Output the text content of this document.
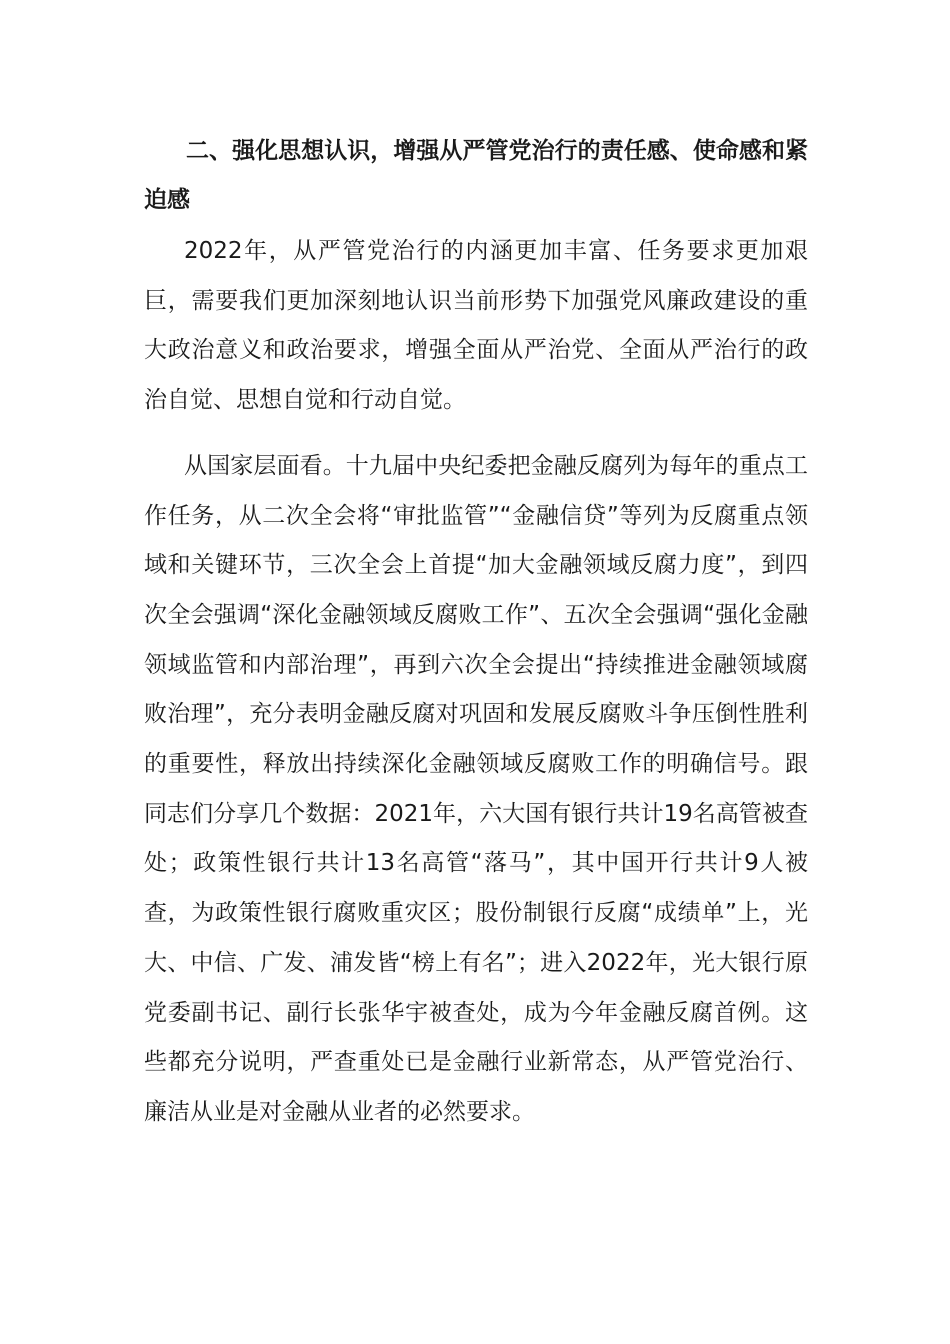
二、强化思想认识，增强从严管党治行的责任感、使命感和紧迫感

2022年，从严管党治行的内涵更加丰富、任务要求更加艰巨，需要我们更加深刻地认识当前形势下加强党风廉政建设的重大政治意义和政治要求，增强全面从严治党、全面从严治行的政治自觉、思想自觉和行动自觉。

从国家层面看。十九届中央纪委把金融反腐列为每年的重点工作任务，从二次全会将“审批监管”“金融信贷”等列为反腐重点领域和关键环节，三次全会上首提“加大金融领域反腐力度”，到四次全会强调“深化金融领域反腐败工作”、五次全会强调“强化金融领域监管和内部治理”，再到六次全会提出“持续推进金融领域腐败治理”，充分表明金融反腐对巩固和发展反腐败斗争压倒性胜利的重要性，释放出持续深化金融领域反腐败工作的明确信号。跟同志们分享几个数据：2021年，六大国有银行共计19名高管被查处；政策性银行共计13名高管“落马”，其中国开行共计9人被查，为政策性银行腐败重灾区；股份制银行反腐“成绩单”上，光大、中信、广发、浦发皆“榜上有名”；进入2022年，光大银行原党委副书记、副行长张华宇被查处，成为今年金融反腐首例。这些都充分说明，严查重处已是金融行业新常态，从严管党治行、廉洁从业是对金融从业者的必然要求。
